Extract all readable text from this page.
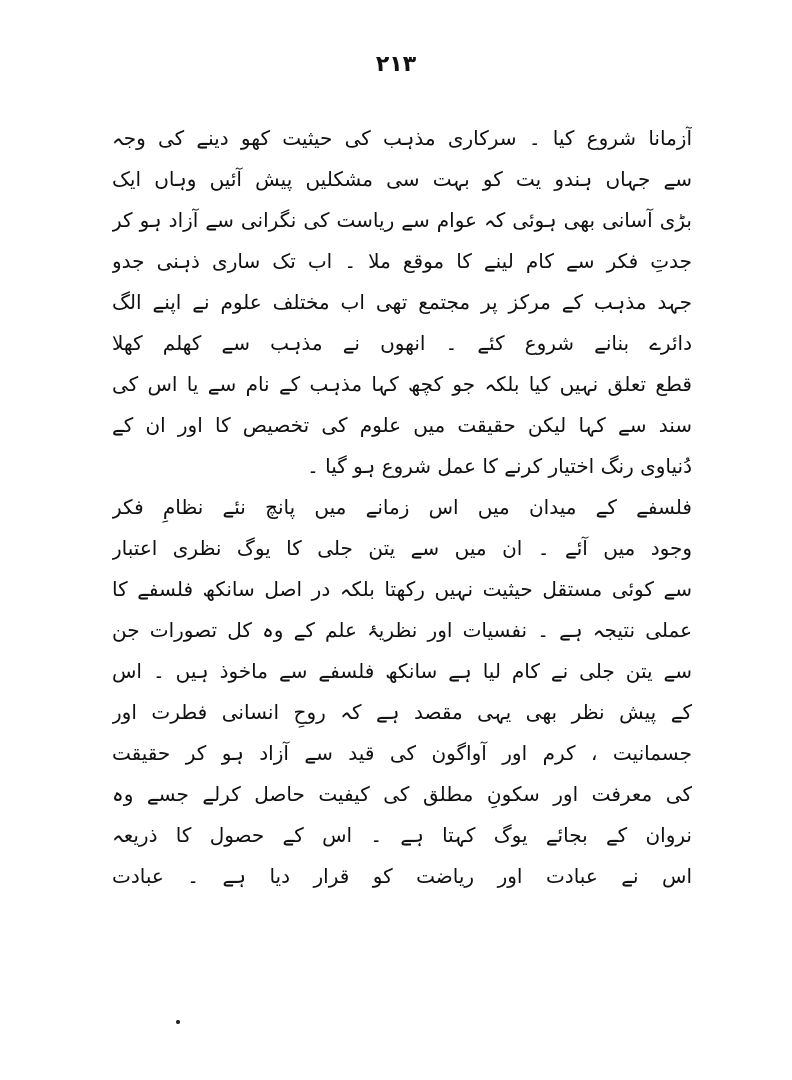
۲۱۳
آزمانا شروع کیا ۔ سرکاری مذہب کی حیثیت کھو دینے کی وجہ
سے جہاں ہندو یت کو بہت سی مشکلیں پیش آئیں وہاں ایک
بڑی آسانی بھی ہوئی کہ عوام سے ریاست کی نگرانی سے آزاد ہو کر
جدتِ فکر سے کام لینے کا موقع ملا ۔ اب تک ساری ذہنی جدو
جہد مذہب کے مرکز پر مجتمع تھی اب مختلف علوم نے اپنے الگ
دائرے بنانے شروع کئے ۔ انھوں نے مذہب سے کھلم کھلا
قطع تعلق نہیں کیا بلکہ جو کچھ کہا مذہب کے نام سے یا اس کی
سند سے کہا لیکن حقیقت میں علوم کی تخصیص کا اور ان کے
دُنیاوی رنگ اختیار کرنے کا عمل شروع ہو گیا ۔
فلسفے کے میدان میں اس زمانے میں پانچ نئے نظامِ فکر
وجود میں آئے ۔ ان میں سے یتن جلی کا یوگ نظری اعتبار
سے کوئی مستقل حیثیت نہیں رکھتا بلکہ در اصل سانکھ فلسفے کا
عملی نتیجہ ہے ۔ نفسیات اور نظریۂ علم کے وہ کل تصورات جن
سے یتن جلی نے کام لیا ہے سانکھ فلسفے سے ماخوذ ہیں ۔ اس
کے پیش نظر بھی یہی مقصد ہے کہ روحِ انسانی فطرت اور
جسمانیت ، کرم اور آواگون کی قید سے آزاد ہو کر حقیقت
کی معرفت اور سکونِ مطلق کی کیفیت حاصل کرلے جسے وہ
نروان کے بجائے یوگ کہتا ہے ۔ اس کے حصول کا ذریعہ
اس نے عبادت اور ریاضت کو قرار دیا ہے ۔ عبادت
